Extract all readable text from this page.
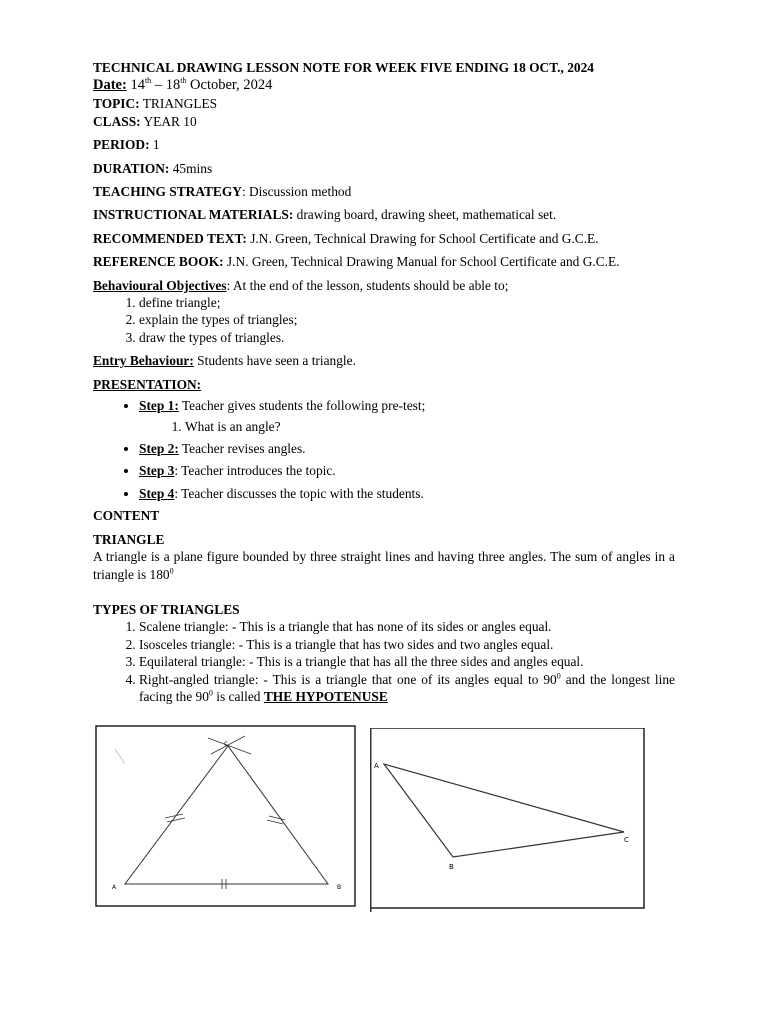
TECHNICAL DRAWING LESSON NOTE FOR WEEK FIVE ENDING 18 OCT., 2024
Date: 14th – 18th October, 2024
TOPIC: TRIANGLES
CLASS: YEAR 10
PERIOD: 1
DURATION: 45mins
TEACHING STRATEGY: Discussion method
INSTRUCTIONAL MATERIALS: drawing board, drawing sheet, mathematical set.
RECOMMENDED TEXT: J.N. Green, Technical Drawing for School Certificate and G.C.E.
REFERENCE BOOK: J.N. Green, Technical Drawing Manual for School Certificate and G.C.E.
Behavioural Objectives: At the end of the lesson, students should be able to;
1. define triangle;
2. explain the types of triangles;
3. draw the types of triangles.
Entry Behaviour: Students have seen a triangle.
PRESENTATION:
• Step 1: Teacher gives students the following pre-test;
1. What is an angle?
• Step 2: Teacher revises angles.
• Step 3: Teacher introduces the topic.
• Step 4: Teacher discusses the topic with the students.
CONTENT
TRIANGLE
A triangle is a plane figure bounded by three straight lines and having three angles. The sum of angles in a triangle is $180^0$
TYPES OF TRIANGLES
1. Scalene triangle: - This is a triangle that has none of its sides or angles equal.
2. Isosceles triangle: - This is a triangle that has two sides and two angles equal.
3. Equilateral triangle: - This is a triangle that has all the three sides and angles equal.
4. Right-angled triangle: - This is a triangle that one of its angles equal to $90^0$ and the longest line facing the $90^0$ is called THE HYPOTENUSE
C
A	B
A
B
C
